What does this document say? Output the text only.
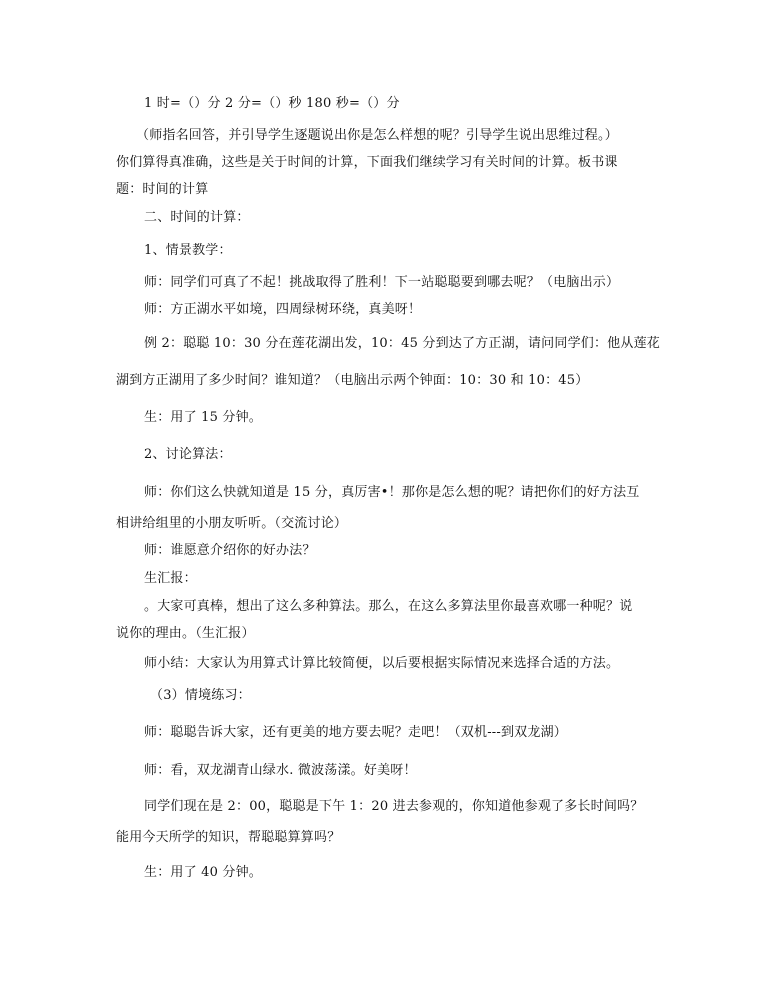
1 时=（）分 2 分=（）秒 180 秒=（）分
（师指名回答，并引导学生逐题说出你是怎么样想的呢？引导学生说出思维过程。）
你们算得真准确，这些是关于时间的计算，下面我们继续学习有关时间的计算。板书课
题：时间的计算
二、时间的计算：
1、情景教学：
师：同学们可真了不起！挑战取得了胜利！下一站聪聪要到哪去呢？（电脑出示）
师：方正湖水平如境，四周绿树环绕，真美呀！
例 2：聪聪 10：30 分在莲花湖出发，10：45 分到达了方正湖，请问同学们：他从莲花
湖到方正湖用了多少时间？谁知道？（电脑出示两个钟面：10：30 和 10：45）
生：用了 15 分钟。
2、讨论算法：
师：你们这么快就知道是 15 分，真厉害•！那你是怎么想的呢？请把你们的好方法互
相讲给组里的小朋友听听。（交流讨论）
师：谁愿意介绍你的好办法？
生汇报：
。大家可真棒，想出了这么多种算法。那么，在这么多算法里你最喜欢哪一种呢？说
说你的理由。（生汇报）
师小结：大家认为用算式计算比较简便，以后要根据实际情况来选择合适的方法。
（3）情境练习：
师：聪聪告诉大家，还有更美的地方要去呢？走吧！（双机---到双龙湖）
师：看，双龙湖青山绿水. 微波荡漾。好美呀！
同学们现在是 2：00，聪聪是下午 1：20 进去参观的，你知道他参观了多长时间吗？
能用今天所学的知识，帮聪聪算算吗？
生：用了 40 分钟。
